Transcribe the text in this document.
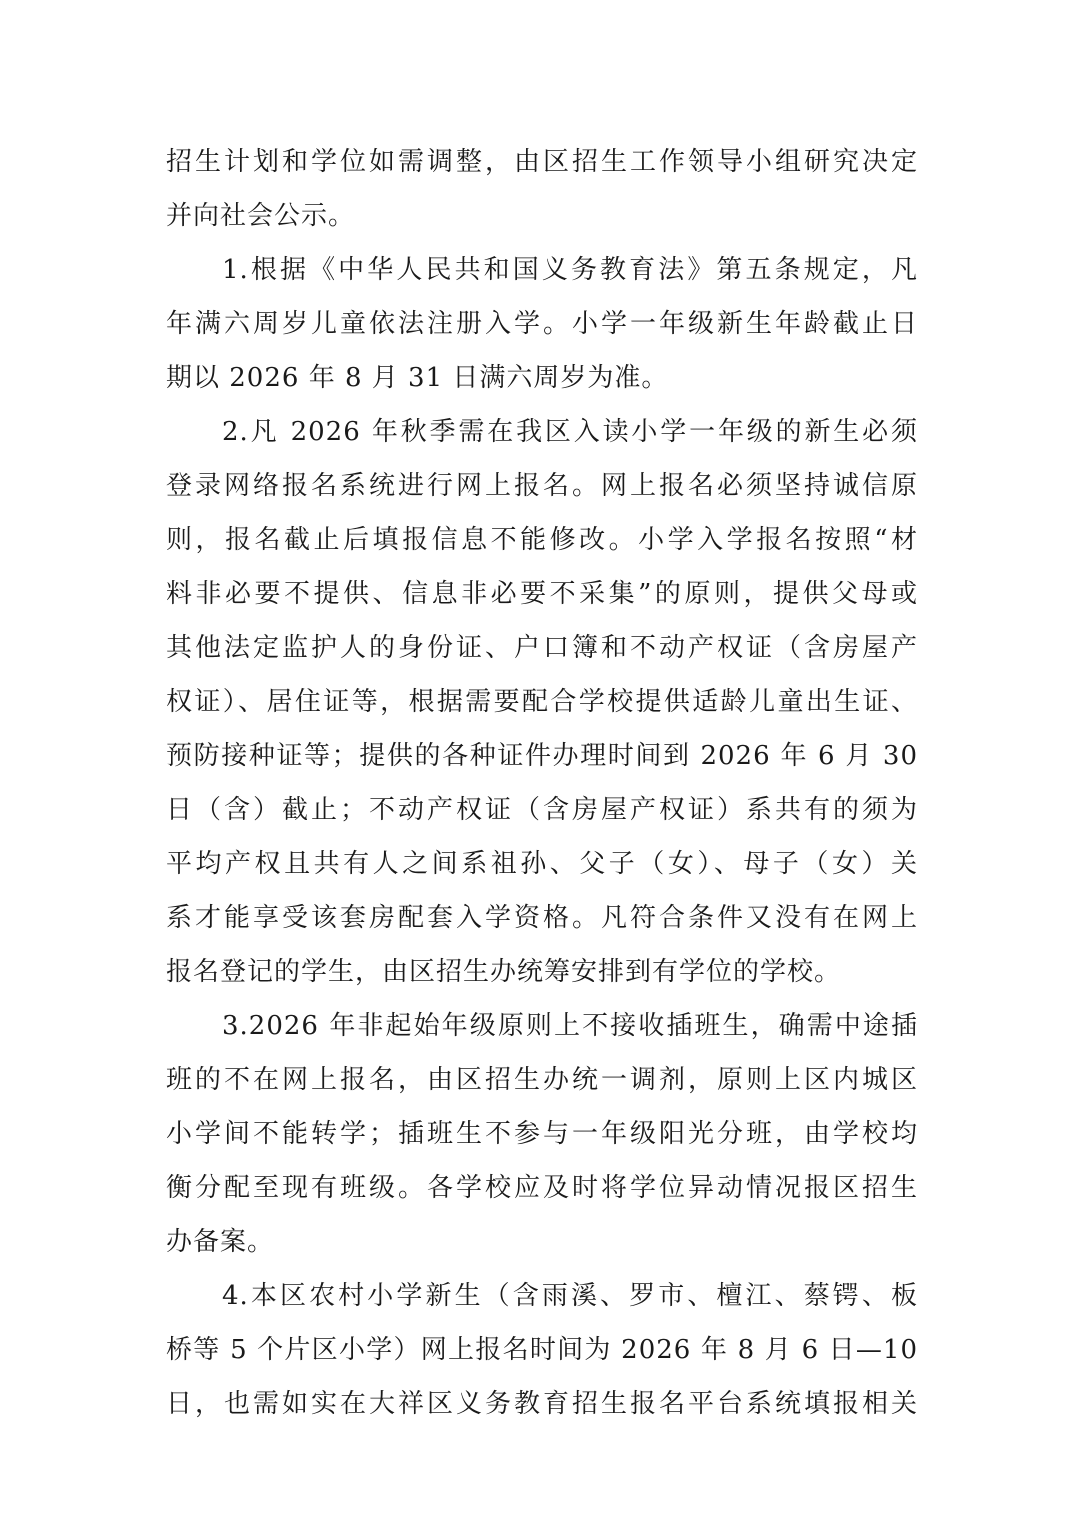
招生计划和学位如需调整，由区招生工作领导小组研究决定
并向社会公示。
1.根据《中华人民共和国义务教育法》第五条规定，凡
年满六周岁儿童依法注册入学。小学一年级新生年龄截止日
期以 2026 年 8 月 31 日满六周岁为准。
2.凡 2026 年秋季需在我区入读小学一年级的新生必须
登录网络报名系统进行网上报名。网上报名必须坚持诚信原
则，报名截止后填报信息不能修改。小学入学报名按照“材
料非必要不提供、信息非必要不采集”的原则，提供父母或
其他法定监护人的身份证、户口簿和不动产权证（含房屋产
权证）、居住证等，根据需要配合学校提供适龄儿童出生证、
预防接种证等；提供的各种证件办理时间到 2026 年 6 月 30
日（含）截止；不动产权证（含房屋产权证）系共有的须为
平均产权且共有人之间系祖孙、父子（女）、母子（女）关
系才能享受该套房配套入学资格。凡符合条件又没有在网上
报名登记的学生，由区招生办统筹安排到有学位的学校。
3.2026 年非起始年级原则上不接收插班生，确需中途插
班的不在网上报名，由区招生办统一调剂，原则上区内城区
小学间不能转学；插班生不参与一年级阳光分班，由学校均
衡分配至现有班级。各学校应及时将学位异动情况报区招生
办备案。
4.本区农村小学新生（含雨溪、罗市、檀江、蔡锷、板
桥等 5 个片区小学）网上报名时间为 2026 年 8 月 6 日—10
日，也需如实在大祥区义务教育招生报名平台系统填报相关
